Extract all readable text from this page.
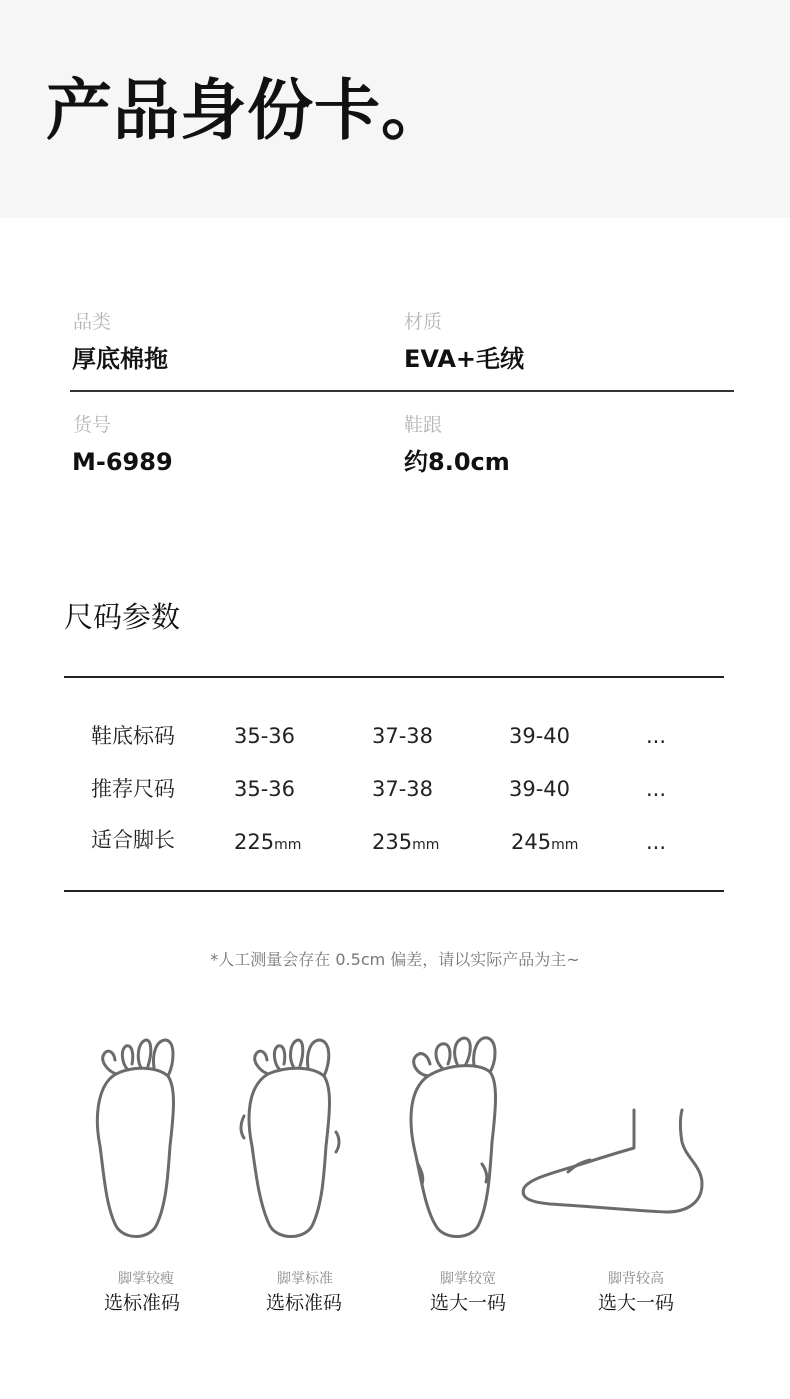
产品身份卡。
品类
厚底棉拖
材质
EVA+毛绒
货号
M-6989
鞋跟
约8.0cm
尺码参数
鞋底标码	35-36	37-38	39-40	...
推荐尺码	35-36	37-38	39-40	...
适合脚长	225mm	235mm	245mm	...
*人工测量会存在 0.5cm 偏差，请以实际产品为主~
脚掌较瘦
选标准码
脚掌标准
选标准码
脚掌较宽
选大一码
脚背较高
选大一码
